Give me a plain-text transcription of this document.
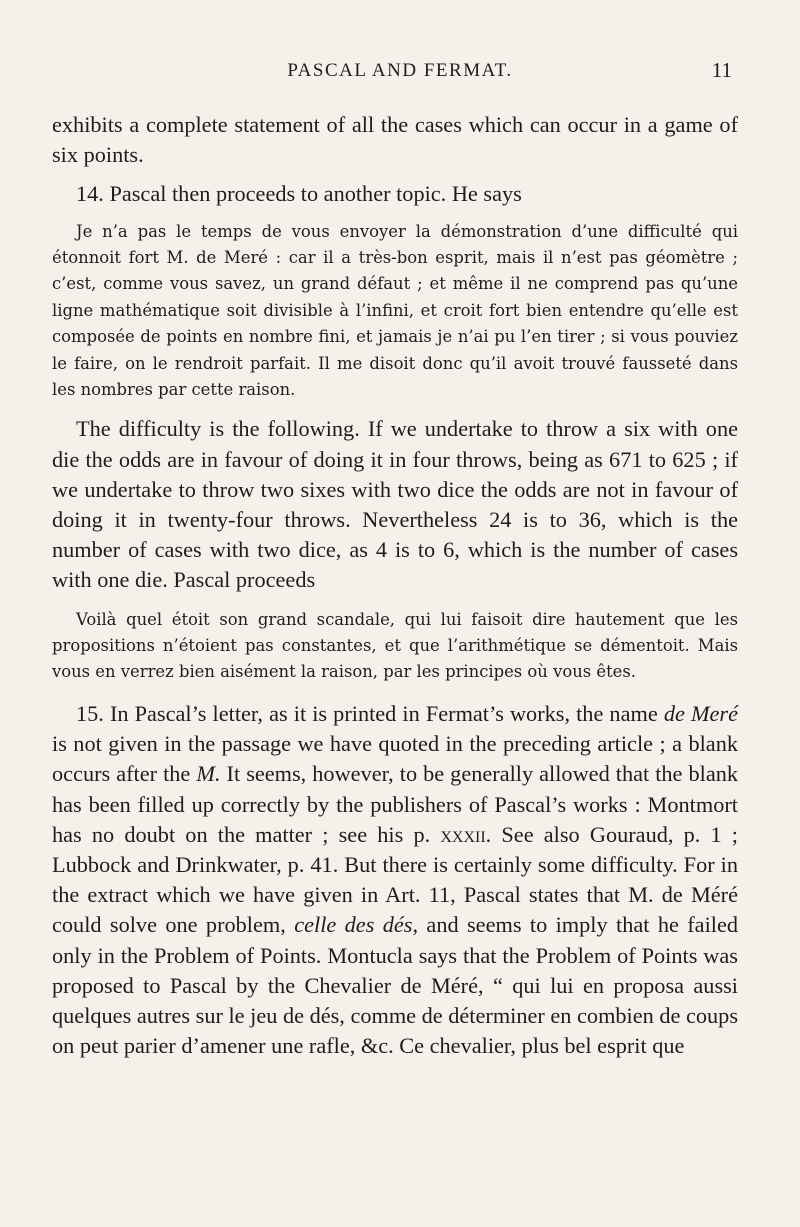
PASCAL AND FERMAT.	11

exhibits a complete statement of all the cases which can occur in a game of six points.

14. Pascal then proceeds to another topic. He says

Je n’a pas le temps de vous envoyer la démonstration d’une difficulté qui étonnoit fort M. de Meré : car il a très-bon esprit, mais il n’est pas géomètre ; c’est, comme vous savez, un grand défaut ; et même il ne comprend pas qu’une ligne mathématique soit divisible à l’infini, et croit fort bien entendre qu’elle est composée de points en nombre fini, et jamais je n’ai pu l’en tirer ; si vous pouviez le faire, on le rendroit parfait. Il me disoit donc qu’il avoit trouvé fausseté dans les nombres par cette raison.

The difficulty is the following. If we undertake to throw a six with one die the odds are in favour of doing it in four throws, being as 671 to 625 ; if we undertake to throw two sixes with two dice the odds are not in favour of doing it in twenty-four throws. Nevertheless 24 is to 36, which is the number of cases with two dice, as 4 is to 6, which is the number of cases with one die. Pascal proceeds

Voilà quel étoit son grand scandale, qui lui faisoit dire hautement que les propositions n’étoient pas constantes, et que l’arithmétique se démentoit. Mais vous en verrez bien aisément la raison, par les principes où vous êtes.

15. In Pascal’s letter, as it is printed in Fermat’s works, the name de Meré is not given in the passage we have quoted in the preceding article ; a blank occurs after the M. It seems, however, to be generally allowed that the blank has been filled up correctly by the publishers of Pascal’s works : Montmort has no doubt on the matter ; see his p. xxxii. See also Gouraud, p. 1 ; Lubbock and Drinkwater, p. 41. But there is certainly some difficulty. For in the extract which we have given in Art. 11, Pascal states that M. de Méré could solve one problem, celle des dés, and seems to imply that he failed only in the Problem of Points. Montucla says that the Problem of Points was proposed to Pascal by the Chevalier de Méré, “ qui lui en proposa aussi quelques autres sur le jeu de dés, comme de déterminer en combien de coups on peut parier d’amener une rafle, &c. Ce chevalier, plus bel esprit que
